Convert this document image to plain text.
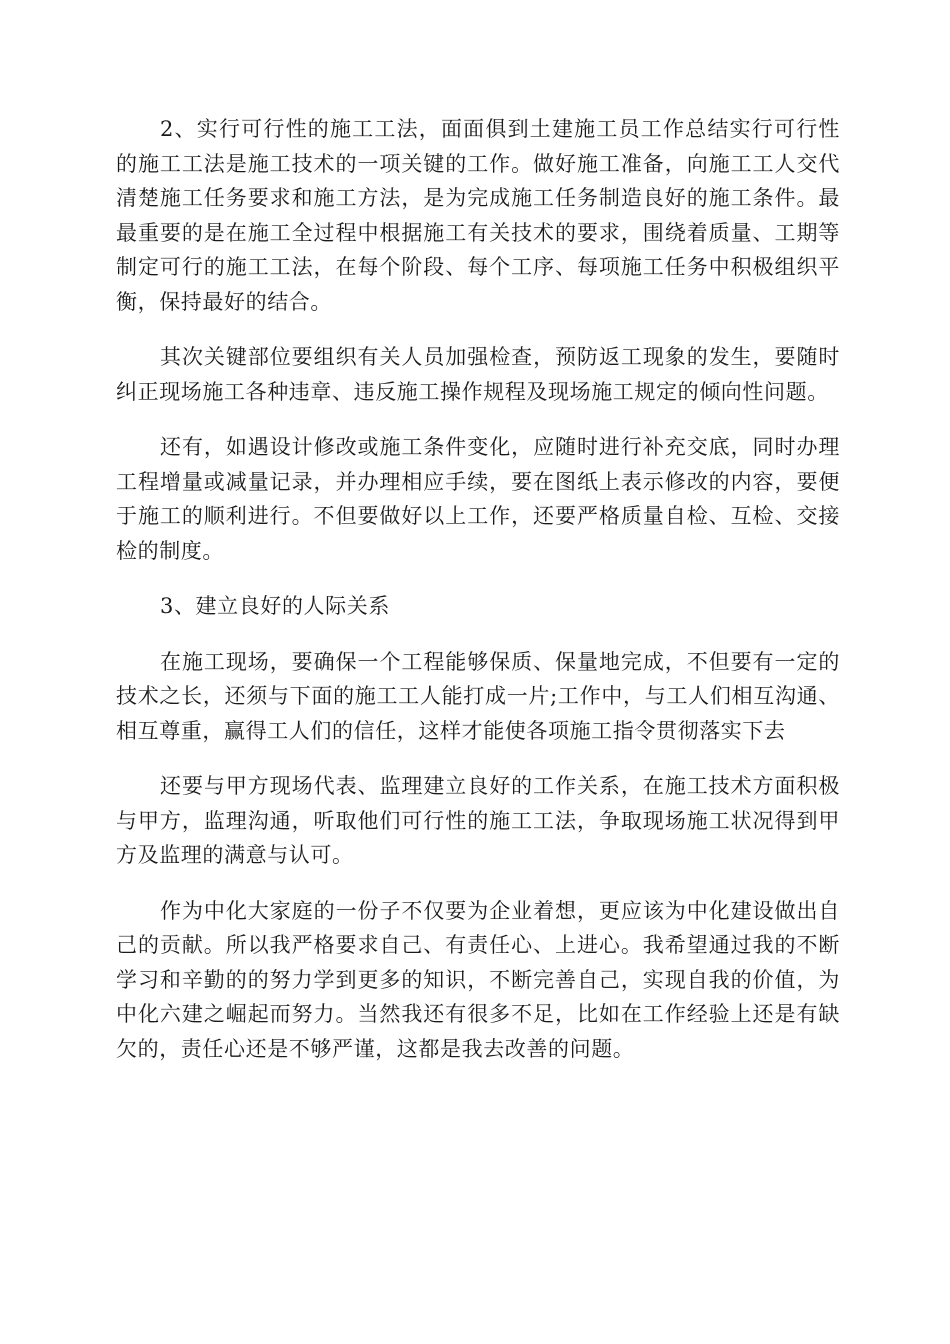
2、实行可行性的施工工法，面面俱到土建施工员工作总结实行可行性的施工工法是施工技术的一项关键的工作。做好施工准备，向施工工人交代清楚施工任务要求和施工方法，是为完成施工任务制造良好的施工条件。最最重要的是在施工全过程中根据施工有关技术的要求，围绕着质量、工期等制定可行的施工工法，在每个阶段、每个工序、每项施工任务中积极组织平衡，保持最好的结合。

其次关键部位要组织有关人员加强检查，预防返工现象的发生，要随时纠正现场施工各种违章、违反施工操作规程及现场施工规定的倾向性问题。

还有，如遇设计修改或施工条件变化，应随时进行补充交底，同时办理工程增量或减量记录，并办理相应手续，要在图纸上表示修改的内容，要便于施工的顺利进行。不但要做好以上工作，还要严格质量自检、互检、交接检的制度。

3、建立良好的人际关系

在施工现场，要确保一个工程能够保质、保量地完成，不但要有一定的技术之长，还须与下面的施工工人能打成一片;工作中，与工人们相互沟通、相互尊重，赢得工人们的信任，这样才能使各项施工指令贯彻落实下去

还要与甲方现场代表、监理建立良好的工作关系，在施工技术方面积极与甲方，监理沟通，听取他们可行性的施工工法，争取现场施工状况得到甲方及监理的满意与认可。

作为中化大家庭的一份子不仅要为企业着想，更应该为中化建设做出自己的贡献。所以我严格要求自己、有责任心、上进心。我希望通过我的不断学习和辛勤的的努力学到更多的知识，不断完善自己，实现自我的价值，为中化六建之崛起而努力。当然我还有很多不足，比如在工作经验上还是有缺欠的，责任心还是不够严谨，这都是我去改善的问题。
